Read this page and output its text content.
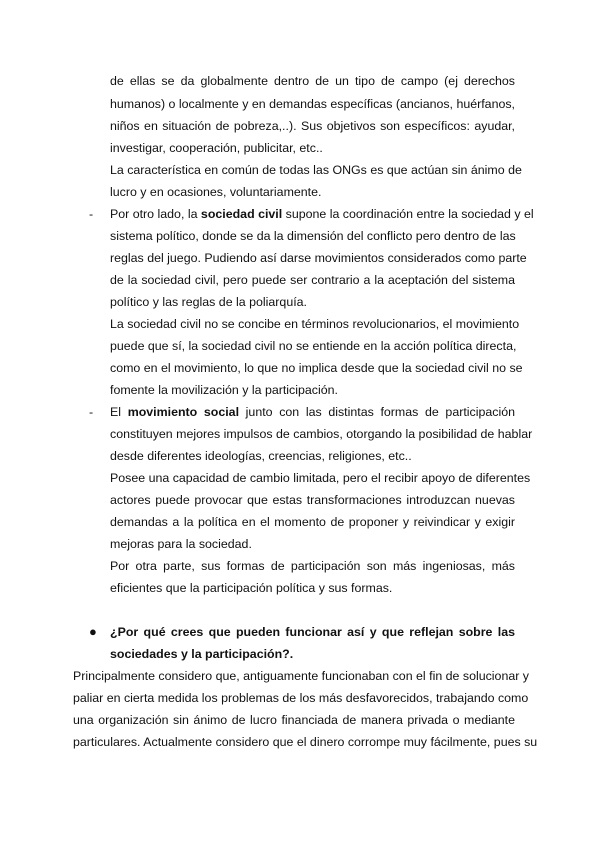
de ellas se da globalmente dentro de un tipo de campo (ej derechos
humanos) o localmente y en demandas específicas (ancianos, huérfanos,
niños en situación de pobreza,..). Sus objetivos son específicos: ayudar,
investigar, cooperación, publicitar, etc..
La característica en común de todas las ONGs es que actúan sin ánimo de
lucro y en ocasiones, voluntariamente.
- Por otro lado, la sociedad civil supone la coordinación entre la sociedad y el
sistema político, donde se da la dimensión del conflicto pero dentro de las
reglas del juego. Pudiendo así darse movimientos considerados como parte
de la sociedad civil, pero puede ser contrario a la aceptación del sistema
político y las reglas de la poliarquía.
La sociedad civil no se concibe en términos revolucionarios, el movimiento
puede que sí, la sociedad civil no se entiende en la acción política directa,
como en el movimiento, lo que no implica desde que la sociedad civil no se
fomente la movilización y la participación.
- El movimiento social junto con las distintas formas de participación
constituyen mejores impulsos de cambios, otorgando la posibilidad de hablar
desde diferentes ideologías, creencias, religiones, etc..
Posee una capacidad de cambio limitada, pero el recibir apoyo de diferentes
actores puede provocar que estas transformaciones introduzcan nuevas
demandas a la política en el momento de proponer y reivindicar y exigir
mejoras para la sociedad.
Por otra parte, sus formas de participación son más ingeniosas, más
eficientes que la participación política y sus formas.
● ¿Por qué crees que pueden funcionar así y que reflejan sobre las
sociedades y la participación?.
Principalmente considero que, antiguamente funcionaban con el fin de solucionar y
paliar en cierta medida los problemas de los más desfavorecidos, trabajando como
una organización sin ánimo de lucro financiada de manera privada o mediante
particulares. Actualmente considero que el dinero corrompe muy fácilmente, pues su
